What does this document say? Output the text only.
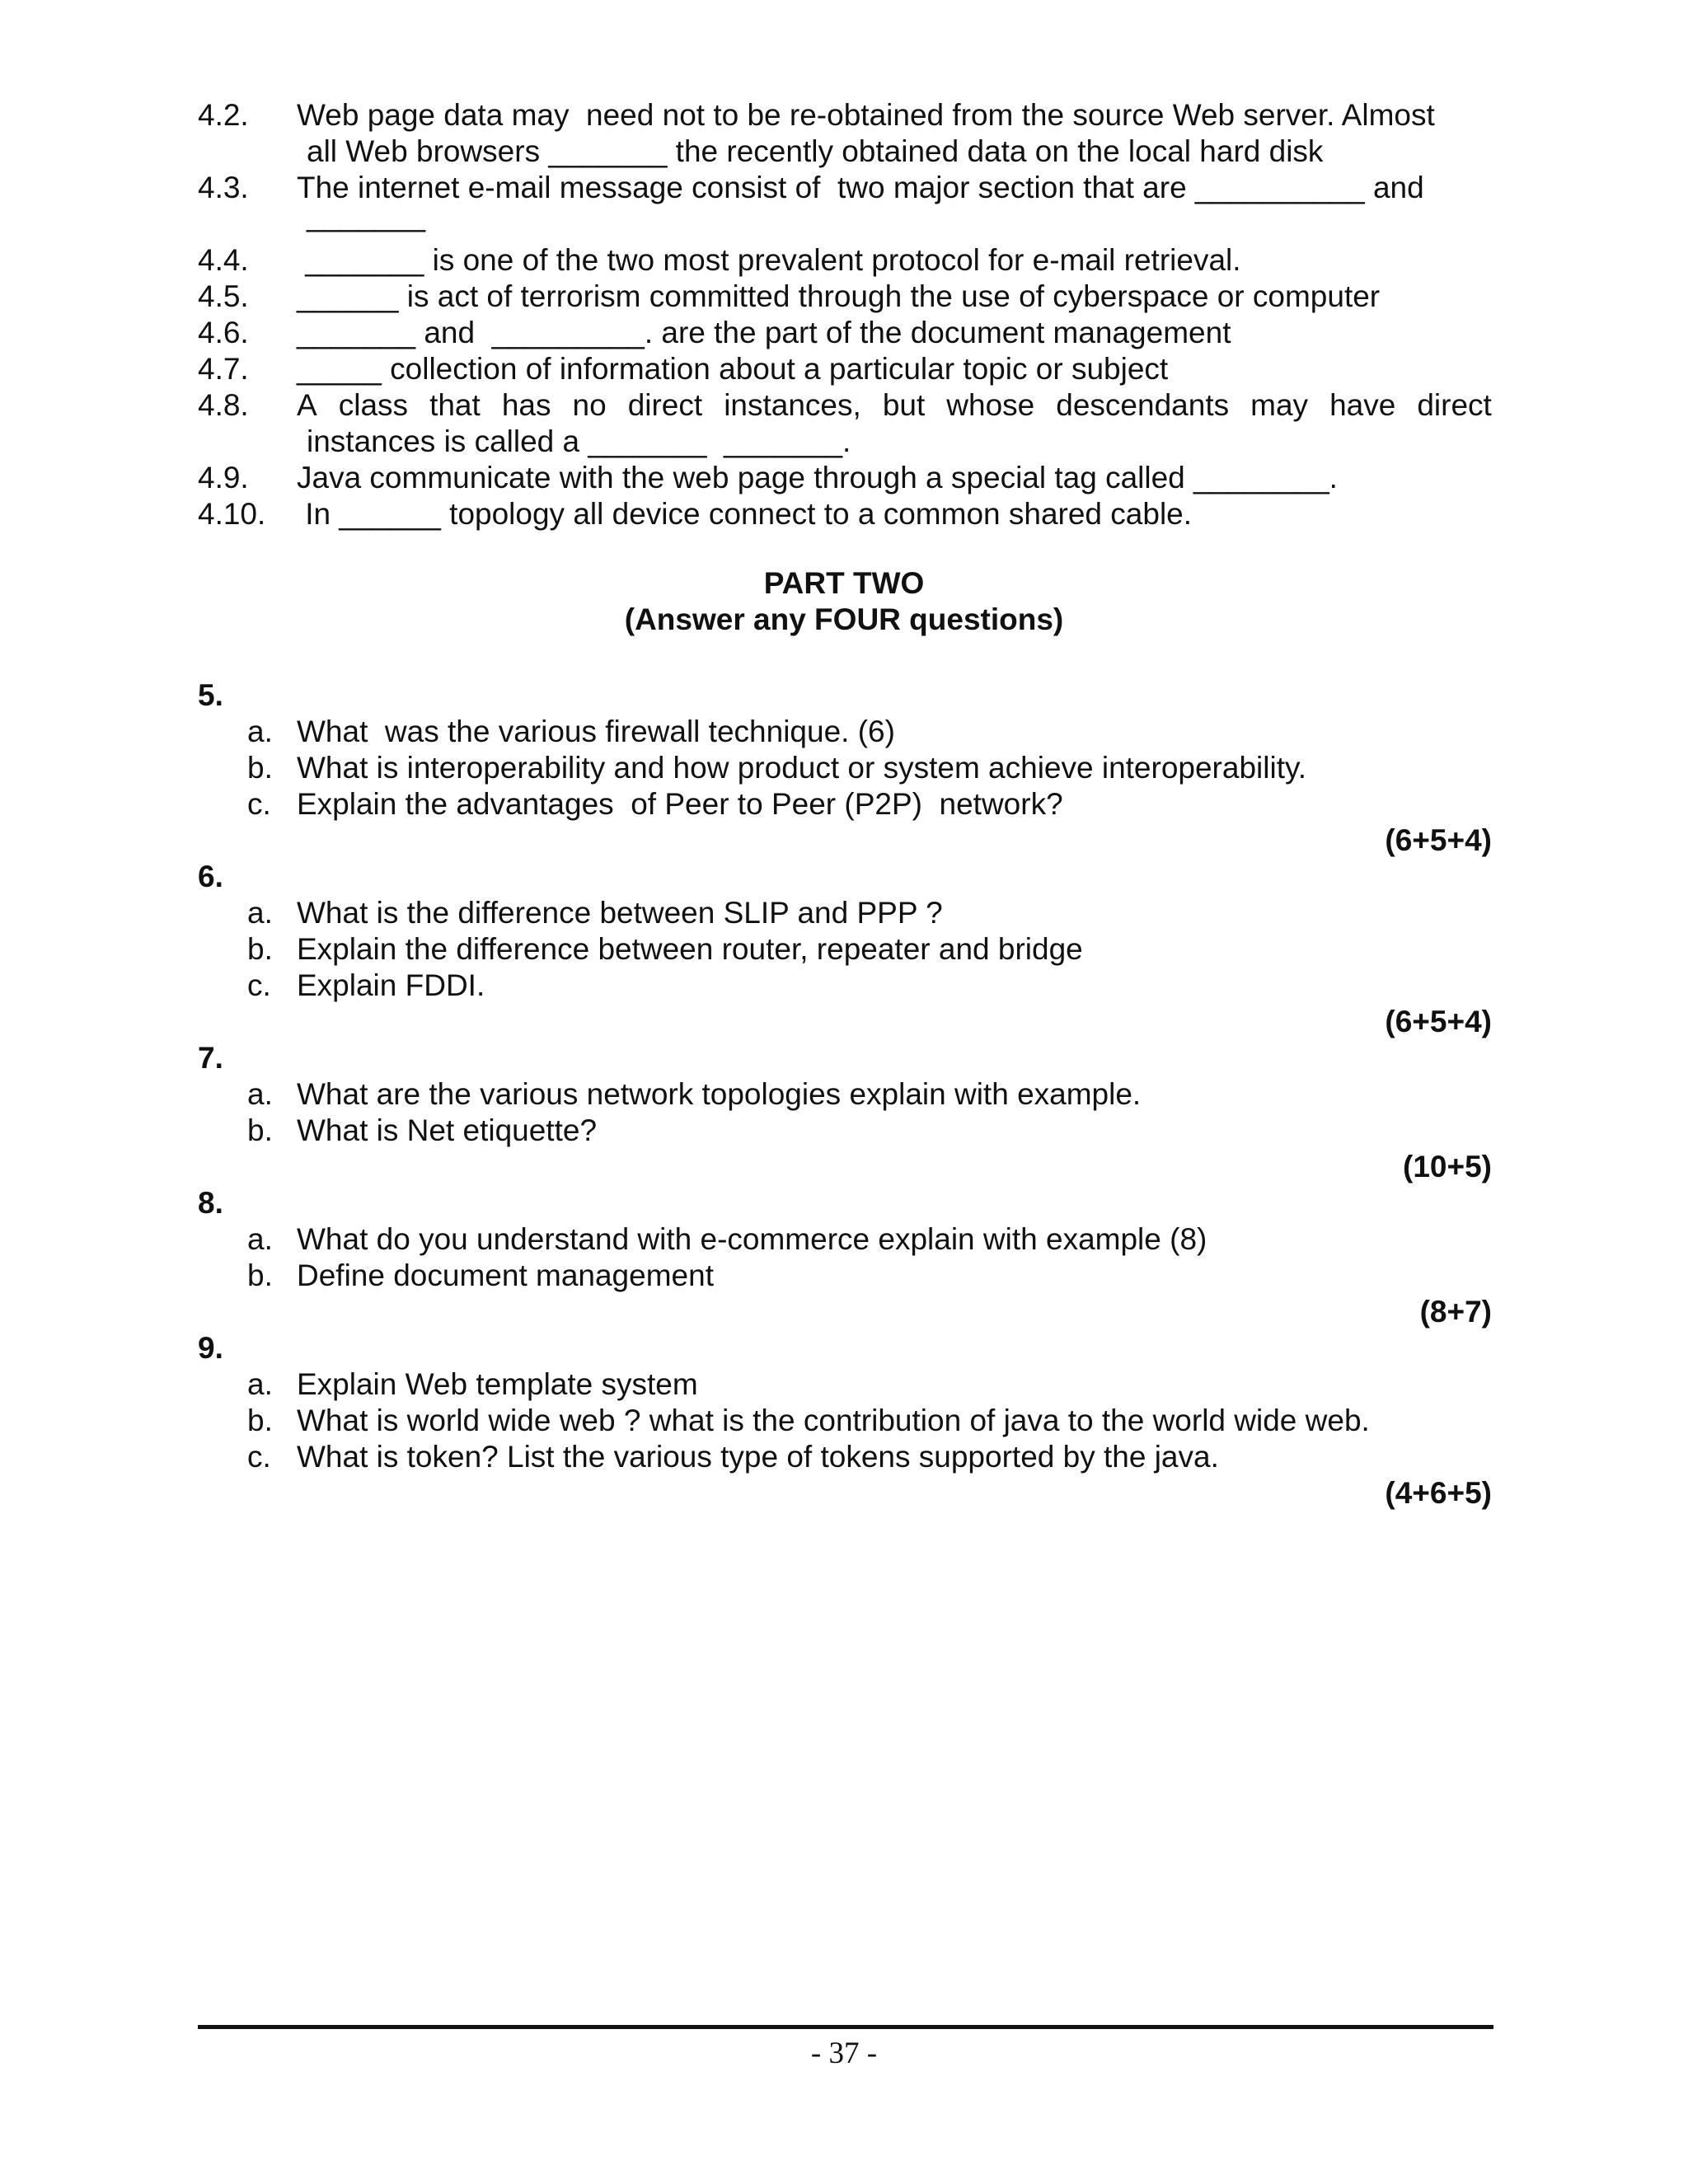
4.2.

Web page data may  need not to be re-obtained from the source Web server. Almost

all Web browsers _______ the recently obtained data on the local hard disk

4.3.

The internet e-mail message consist of  two major section that are __________ and

_______

4.4.

_______ is one of the two most prevalent protocol for e-mail retrieval.

4.5.

______ is act of terrorism committed through the use of cyberspace or computer

4.6.

_______ and  _________. are the part of the document management

4.7.

_____ collection of information about a particular topic or subject

4.8.

A class that has no direct instances, but whose descendants may have direct

instances is called a _______  _______.

4.9.

Java communicate with the web page through a special tag called ________.

4.10.

In ______ topology all device connect to a common shared cable.

PART TWO
(Answer any FOUR questions)
5.

a.

What  was the various firewall technique. (6)

b.

What is interoperability and how product or system achieve interoperability.

c.

Explain the advantages  of Peer to Peer (P2P)  network?

(6+5+4)
6.

a.

What is the difference between SLIP and PPP ?

b.

Explain the difference between router, repeater and bridge

c.

Explain FDDI.

(6+5+4)
7.

a.

What are the various network topologies explain with example.

b.

What is Net etiquette?

(10+5)
8.

a.

What do you understand with e-commerce explain with example (8)

b.

Define document management

(8+7)
9.

a.

Explain Web template system

b.

What is world wide web ? what is the contribution of java to the world wide web.

c.

What is token? List the various type of tokens supported by the java.

(4+6+5)
- 37 -
